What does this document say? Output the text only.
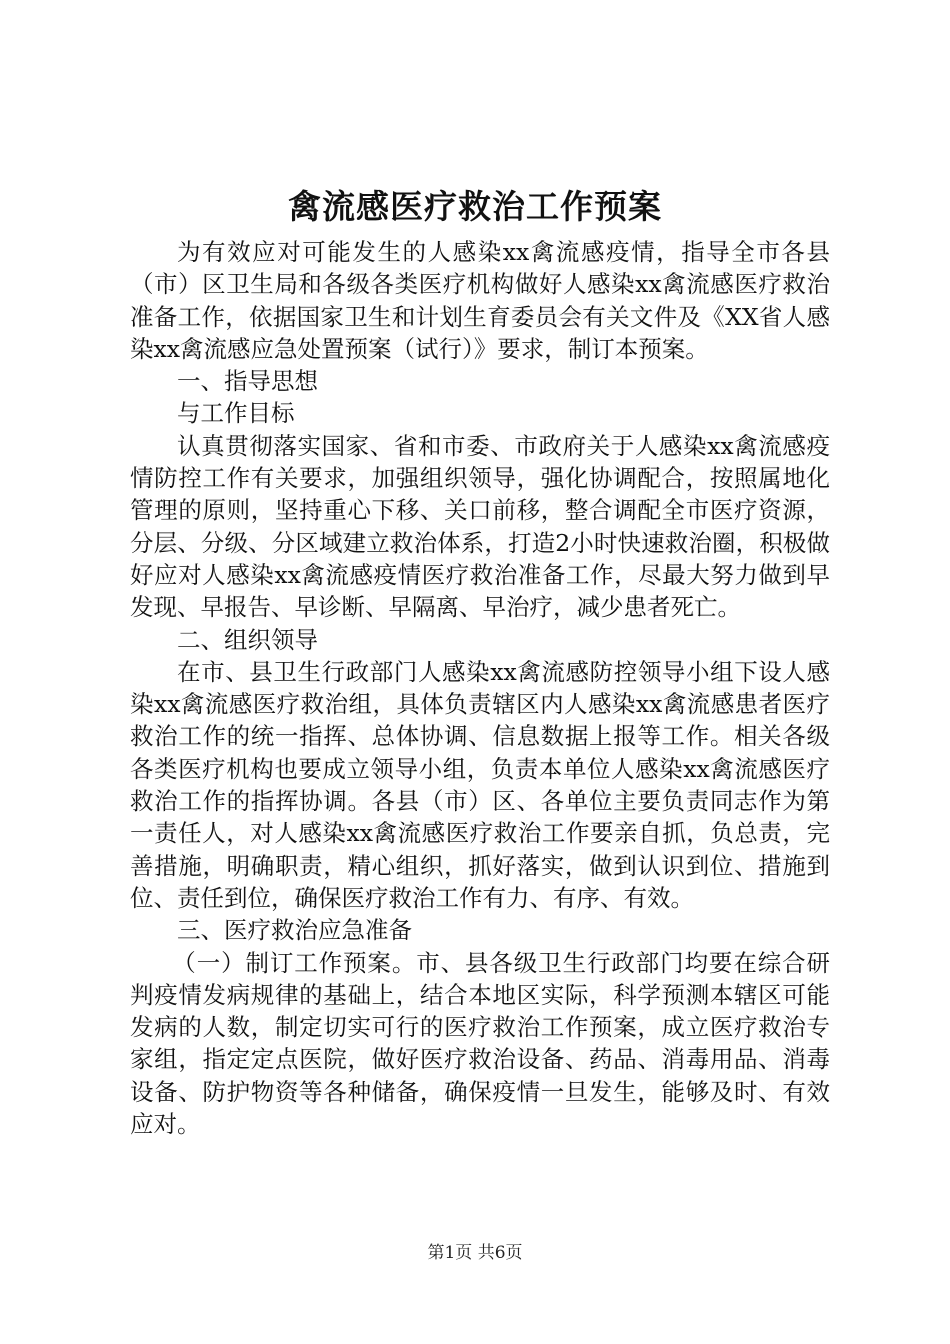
禽流感医疗救治工作预案

为有效应对可能发生的人感染xx禽流感疫情，指导全市各县（市）区卫生局和各级各类医疗机构做好人感染xx禽流感医疗救治准备工作，依据国家卫生和计划生育委员会有关文件及《XX省人感染xx禽流感应急处置预案（试行）》要求，制订本预案。

一、指导思想

与工作目标

认真贯彻落实国家、省和市委、市政府关于人感染xx禽流感疫情防控工作有关要求，加强组织领导，强化协调配合，按照属地化管理的原则，坚持重心下移、关口前移，整合调配全市医疗资源，分层、分级、分区域建立救治体系，打造2小时快速救治圈，积极做好应对人感染xx禽流感疫情医疗救治准备工作，尽最大努力做到早发现、早报告、早诊断、早隔离、早治疗，减少患者死亡。

二、组织领导

在市、县卫生行政部门人感染xx禽流感防控领导小组下设人感染xx禽流感医疗救治组，具体负责辖区内人感染xx禽流感患者医疗救治工作的统一指挥、总体协调、信息数据上报等工作。相关各级各类医疗机构也要成立领导小组，负责本单位人感染xx禽流感医疗救治工作的指挥协调。各县（市）区、各单位主要负责同志作为第一责任人，对人感染xx禽流感医疗救治工作要亲自抓，负总责，完善措施，明确职责，精心组织，抓好落实，做到认识到位、措施到位、责任到位，确保医疗救治工作有力、有序、有效。

三、医疗救治应急准备

（一）制订工作预案。市、县各级卫生行政部门均要在综合研判疫情发病规律的基础上，结合本地区实际，科学预测本辖区可能发病的人数，制定切实可行的医疗救治工作预案，成立医疗救治专家组，指定定点医院，做好医疗救治设备、药品、消毒用品、消毒设备、防护物资等各种储备，确保疫情一旦发生，能够及时、有效应对。

第1页 共6页
